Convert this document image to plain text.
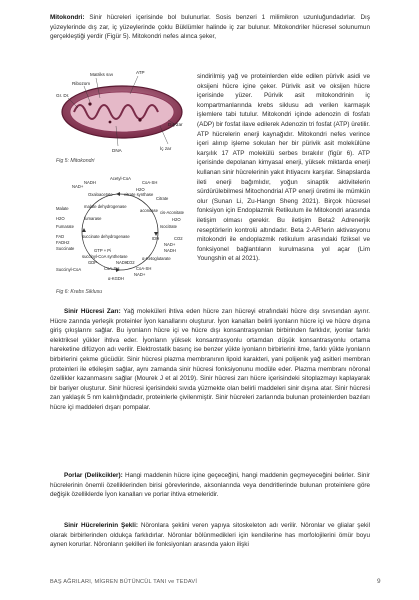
Mitokondri: Sinir hücreleri içerisinde bol bulunurlar. Sosis benzeri 1 milimikron uzunluğundadırlar. Dış yüzeylerinde dış zar, iç yüzeylerinde çoklu Büklümler halinde iç zar bulunur. Mitokondriler hücresel solunumun gerçekleştiği yerdir (Figür 5). Mitokondri nefes alınca şeker,

ATP
Matriks sıvı
Ribozom
Gr. Dr.
DNA
Dış zar
İç zar
Fig 5: Mitokondri
Acetyl-CoA
CoA-SH
NADH
NAD+
H2O
Oxaloacetate	citrate synthase
Citrate
aconitase cis-Aconitate
H2O
Isocitrate
IDH	CO2
NAD+
NADH
α-Ketoglutarate
α-KGDH
CoA-SH
CO2
NADH
NAD+
Succinyl-CoA
succinyl-CoA synthetase
GTP + Pi
GDP
CoA-SH
Succinate
succinate dehydrogenase
FAD
FADH2
Fumarate
fumarase
Malate	malate dehydrogenase
H2O
Fig 6: Krebs Siklusu

sindirilmiş yağ ve proteinlerden elde edilen pürivik asidi ve oksijeni hücre içine çeker. Pürivik asit ve oksijen hücre içerisinde yüzer. Pürivik asit mitokondrinin iç kompartmanlarında krebs siklusu adı verilen karmaşık işlemlere tabi tutulur. Mitokondri içinde adenozin di fosfatı (ADP) bir fosfat ilave edilerek Adenozin tri fosfat (ATP) üretilir. ATP hücrelerin enerji kaynağıdır. Mitokondri nefes verince içeri alınıp işleme sokulan her bir pürivik asit molekülüne karşılık 17 ATP molekülü serbes bırakılır (figür 6). ATP içerisinde depolanan kimyasal enerji, yüksek miktarda enerji kullanan sinir hücrelerinin yakıt ihtiyacını karşılar. Sinapslarda ileti enerji bağımlıdır, yoğun sinaptik aktivitelerin sürdürülebilmesi Mitochondrial ATP enerji üretimi ile mümkün olur (Sunan Li, Zu-Hangn Sheng 2021). Birçok hücresel fonksiyon için Endoplazmik Retikulum ile Mitokondri arasında iletişim olması gerekir. Bu iletişim Beta2 Adrenerjik reseptörlerin kontrolü altındadır. Beta 2-AR'lerin aktivasyonu mitokondri ile endoplazmik retikulum arasındaki fiziksel ve fonksiyonel bağlantıların kurulmasına yol açar (Lim Youngshin et al 2021).

Sinir Hücresi Zarı: Yağ moleküleri ihtiva eden hücre zarı hücreyi etrafındaki hücre dışı sıvısından ayırır. Hücre zarında yerleşik proteinler İyon kanallarını oluşturur. İyon kanalları belirli iyonların hücre içi ve hücre dışına giriş çıkışlarını sağlar. Bu iyonların hücre içi ve hücre dışı konsantrasyonları birbirinden farklıdır, iyonlar farklı elektriksel yükler ihtiva eder. İyonların yüksek konsantrasyonlu ortamdan düşük konsantrasyonlu ortama hareketine difüzyon adı verilir. Elektrostatik basınç ise benzer yükte iyonların birbirlerini itme, farklı yükte iyonların birbirlerini çekme gücüdür. Sinir hücresi plazma membranının lipoid karakteri, yani polijenik yağ asitleri membran proteinleri ile etkileşim sağlar, aynı zamanda sinir hücresi fonksiyonunu modüle eder. Plazma membranı nöronal özellikler kazanmasını sağlar (Mourek J et al 2019). Sinir hücresi zarı hücre içerisindeki sitoplazmayı kaplayarak bir bariyer oluşturur. Sinir hücresi içerisindeki sıvıda yüzmekte olan belirli maddeleri sinir dışına atar. Sinir hücresi zarı yaklaşık 5 nm kalınlığındadır, proteinlerle çivilenmiştir. Sinir hücreleri zarlarında bulunan proteinlerden bazıları hücre içi maddeleri dışarı pompalar.

Porlar (Delikcikler): Hangi maddenin hücre içine geçeceğini, hangi maddenin geçmeyeceğini belirler. Sinir hücrelerinin önemli özelliklerinden birisi görevlerinde, aksonlarında veya dendritlerinde bulunan proteinlere göre değişik özelliklerde İyon kanalları ve porlar ihtiva etmeleridir.

Sinir Hücrelerinin Şekli: Nöronlara şeklini veren yapıya sitoskeleton adı verilir. Nöronlar ve glialar şekil olarak birbirlerinden oldukça farklıdırlar. Nöronlar bölünmedikleri için kendilerine has morfolojilerini ömür boyu aynen korurlar. Nöronların şekilleri ile fonksiyonları arasında yakın ilişki

BAŞ AĞRILARI, MİGREN BÜTÜNCÜL TANI ve TEDAVİ	9
